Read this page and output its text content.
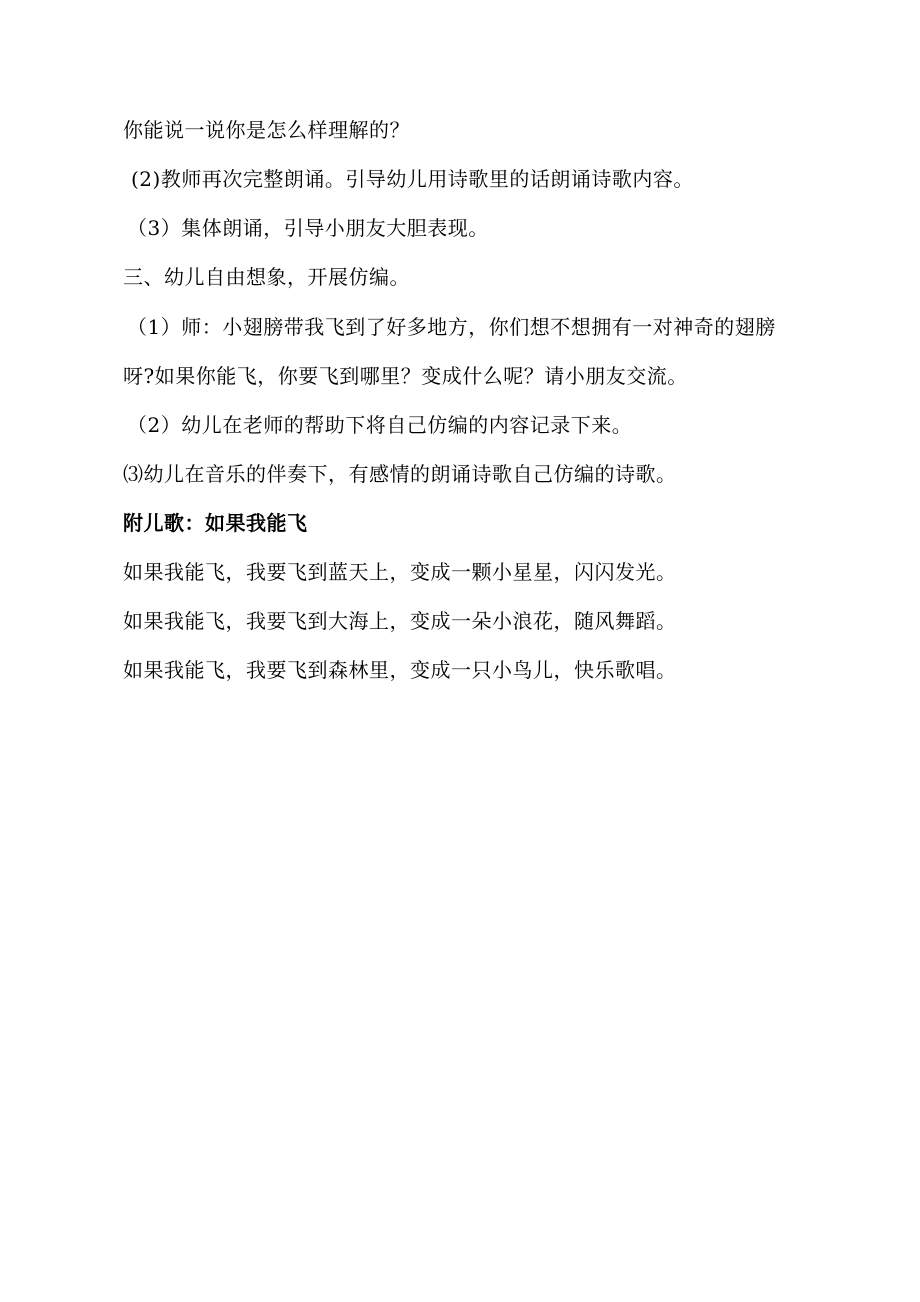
你能说一说你是怎么样理解的？
(2)教师再次完整朗诵。引导幼儿用诗歌里的话朗诵诗歌内容。
（3）集体朗诵，引导小朋友大胆表现。
三、幼儿自由想象，开展仿编。
（1）师：小翅膀带我飞到了好多地方，你们想不想拥有一对神奇的翅膀
呀?如果你能飞，你要飞到哪里？变成什么呢？请小朋友交流。
（2）幼儿在老师的帮助下将自己仿编的内容记录下来。
⑶幼儿在音乐的伴奏下，有感情的朗诵诗歌自己仿编的诗歌。
附儿歌：如果我能飞
如果我能飞，我要飞到蓝天上，变成一颗小星星，闪闪发光。
如果我能飞，我要飞到大海上，变成一朵小浪花，随风舞蹈。
如果我能飞，我要飞到森林里，变成一只小鸟儿，快乐歌唱。
